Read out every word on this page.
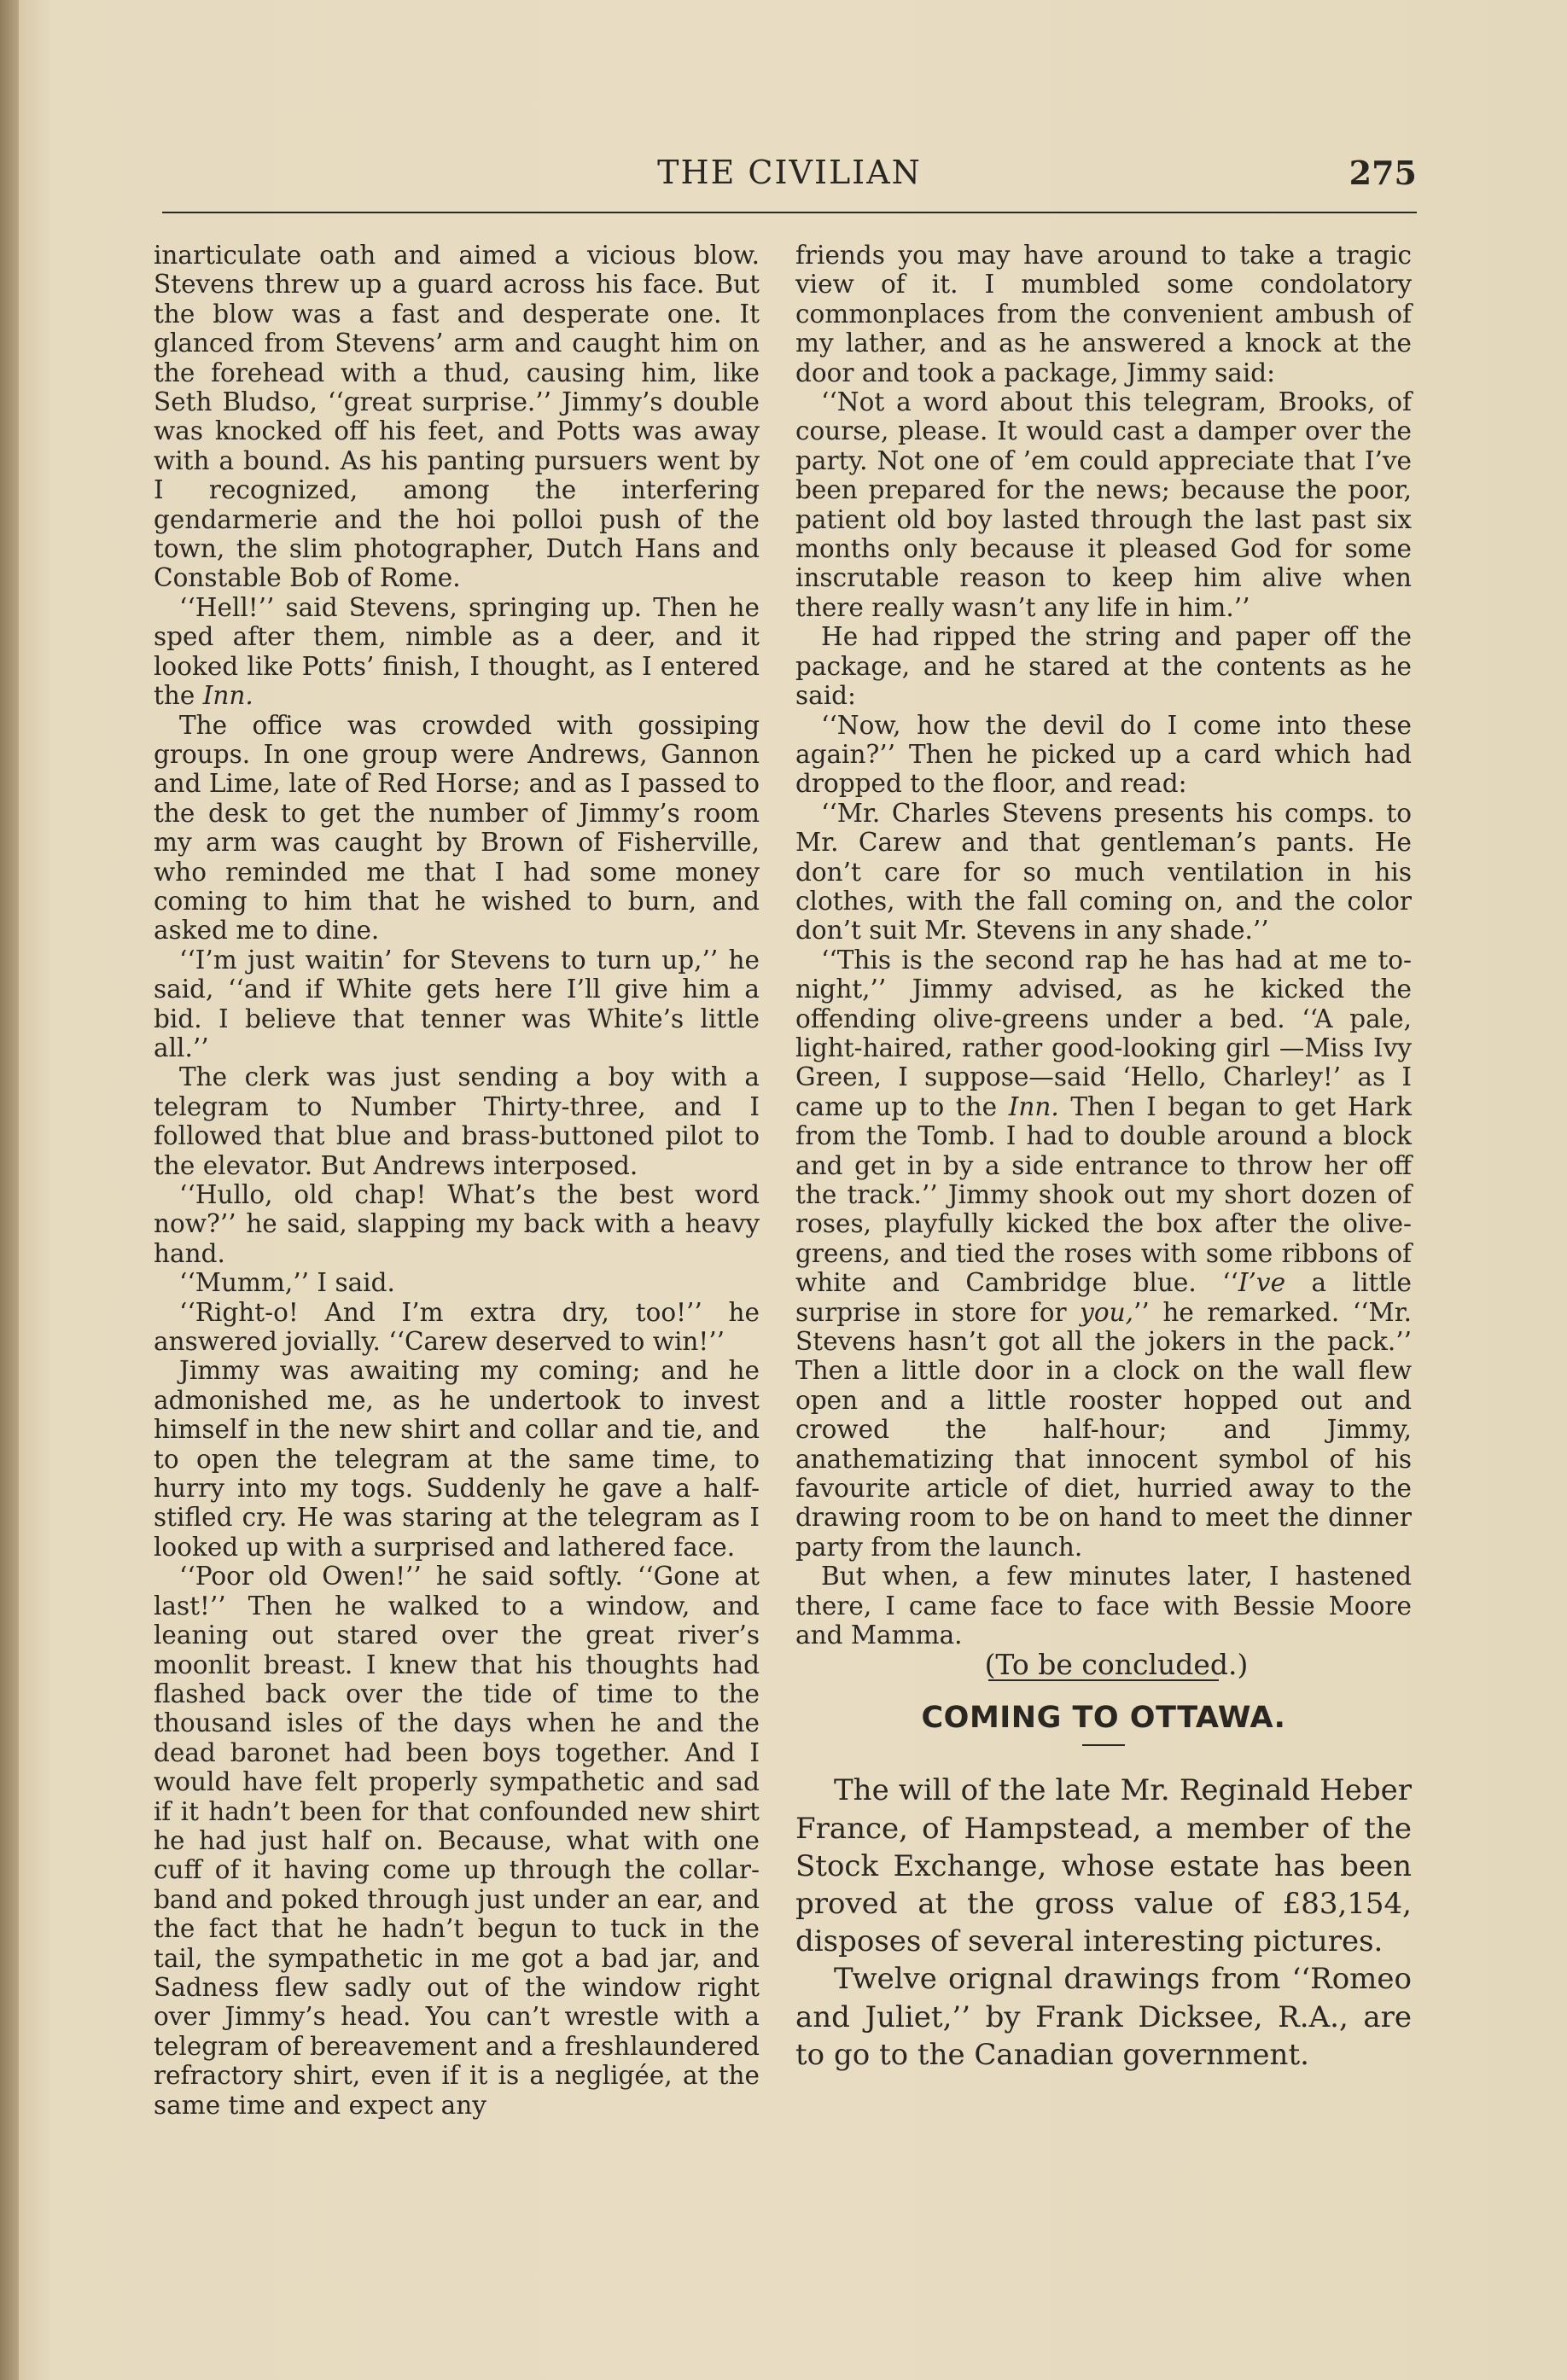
THE CIVILIAN	275

inarticulate oath and aimed a vicious blow. Stevens threw up a guard across his face. But the blow was a fast and desperate one. It glanced from Stevens’ arm and caught him on the forehead with a thud, causing him, like Seth Bludso, ‘‘great surprise.’’ Jimmy’s double was knocked off his feet, and Potts was away with a bound. As his panting pursuers went by I recognized, among the interfering gendarmerie and the hoi polloi push of the town, the slim photographer, Dutch Hans and Constable Bob of Rome.

‘‘Hell!’’ said Stevens, springing up. Then he sped after them, nimble as a deer, and it looked like Potts’ finish, I thought, as I entered the Inn.

The office was crowded with gossiping groups. In one group were Andrews, Gannon and Lime, late of Red Horse; and as I passed to the desk to get the number of Jimmy’s room my arm was caught by Brown of Fisherville, who reminded me that I had some money coming to him that he wished to burn, and asked me to dine.

‘‘I’m just waitin’ for Stevens to turn up,’’ he said, ‘‘and if White gets here I’ll give him a bid. I believe that tenner was White’s little all.’’

The clerk was just sending a boy with a telegram to Number Thirty-three, and I followed that blue and brass-buttoned pilot to the elevator. But Andrews interposed.

‘‘Hullo, old chap! What’s the best word now?’’ he said, slapping my back with a heavy hand.

‘‘Mumm,’’ I said.

‘‘Right-o! And I’m extra dry, too!’’ he answered jovially. ‘‘Carew deserved to win!’’

Jimmy was awaiting my coming; and he admonished me, as he undertook to invest himself in the new shirt and collar and tie, and to open the telegram at the same time, to hurry into my togs. Suddenly he gave a half-stifled cry. He was staring at the telegram as I looked up with a surprised and lathered face.

‘‘Poor old Owen!’’ he said softly. ‘‘Gone at last!’’ Then he walked to a window, and leaning out stared over the great river’s moonlit breast. I knew that his thoughts had flashed back over the tide of time to the thousand isles of the days when he and the dead baronet had been boys together. And I would have felt properly sympathetic and sad if it hadn’t been for that confounded new shirt he had just half on. Because, what with one cuff of it having come up through the collar-band and poked through just under an ear, and the fact that he hadn’t begun to tuck in the tail, the sympathetic in me got a bad jar, and Sadness flew sadly out of the window right over Jimmy’s head. You can’t wrestle with a telegram of bereavement and a freshlaundered refractory shirt, even if it is a negligée, at the same time and expect any

friends you may have around to take a tragic view of it. I mumbled some condolatory commonplaces from the convenient ambush of my lather, and as he answered a knock at the door and took a package, Jimmy said:

‘‘Not a word about this telegram, Brooks, of course, please. It would cast a damper over the party. Not one of ’em could appreciate that I’ve been prepared for the news; because the poor, patient old boy lasted through the last past six months only because it pleased God for some inscrutable reason to keep him alive when there really wasn’t any life in him.’’

He had ripped the string and paper off the package, and he stared at the contents as he said:

‘‘Now, how the devil do I come into these again?’’ Then he picked up a card which had dropped to the floor, and read:

‘‘Mr. Charles Stevens presents his comps. to Mr. Carew and that gentleman’s pants. He don’t care for so much ventilation in his clothes, with the fall coming on, and the color don’t suit Mr. Stevens in any shade.’’

‘‘This is the second rap he has had at me to-night,’’ Jimmy advised, as he kicked the offending olive-greens under a bed. ‘‘A pale, light-haired, rather good-looking girl —Miss Ivy Green, I suppose—said ‘Hello, Charley!’ as I came up to the Inn. Then I began to get Hark from the Tomb. I had to double around a block and get in by a side entrance to throw her off the track.’’ Jimmy shook out my short dozen of roses, playfully kicked the box after the olive-greens, and tied the roses with some ribbons of white and Cambridge blue. ‘‘I’ve a little surprise in store for you,’’ he remarked. ‘‘Mr. Stevens hasn’t got all the jokers in the pack.’’ Then a little door in a clock on the wall flew open and a little rooster hopped out and crowed the half-hour; and Jimmy, anathematizing that innocent symbol of his favourite article of diet, hurried away to the drawing room to be on hand to meet the dinner party from the launch.

But when, a few minutes later, I hastened there, I came face to face with Bessie Moore and Mamma.

(To be concluded.)

COMING TO OTTAWA.

The will of the late Mr. Reginald Heber France, of Hampstead, a member of the Stock Exchange, whose estate has been proved at the gross value of £83,154, disposes of several interesting pictures.

Twelve orignal drawings from ‘‘Romeo and Juliet,’’ by Frank Dicksee, R.A., are to go to the Canadian government.
